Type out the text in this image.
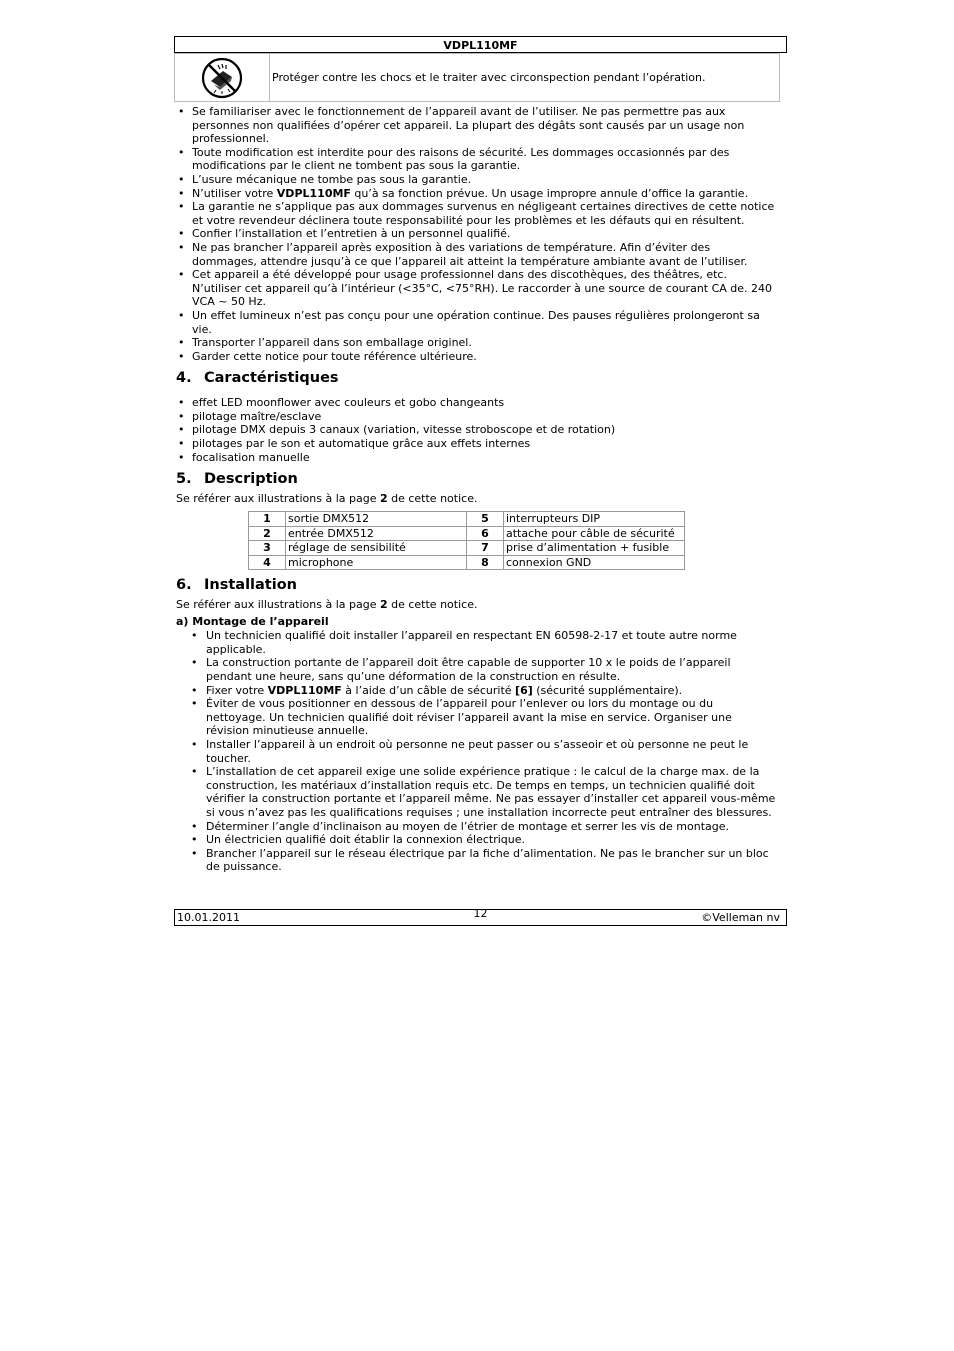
VDPL110MF
Protéger contre les chocs et le traiter avec circonspection pendant l’opération.
• Se familiariser avec le fonctionnement de l’appareil avant de l’utiliser. Ne pas permettre pas aux personnes non qualifiées d’opérer cet appareil. La plupart des dégâts sont causés par un usage non professionnel.
• Toute modification est interdite pour des raisons de sécurité. Les dommages occasionnés par des modifications par le client ne tombent pas sous la garantie.
• L’usure mécanique ne tombe pas sous la garantie.
• N’utiliser votre VDPL110MF qu’à sa fonction prévue. Un usage impropre annule d’office la garantie.
• La garantie ne s’applique pas aux dommages survenus en négligeant certaines directives de cette notice et votre revendeur déclinera toute responsabilité pour les problèmes et les défauts qui en résultent.
• Confier l’installation et l’entretien à un personnel qualifié.
• Ne pas brancher l’appareil après exposition à des variations de température. Afin d’éviter des dommages, attendre jusqu’à ce que l’appareil ait atteint la température ambiante avant de l’utiliser.
• Cet appareil a été développé pour usage professionnel dans des discothèques, des théâtres, etc. N’utiliser cet appareil qu’à l’intérieur (<35°C, <75°RH). Le raccorder à une source de courant CA de. 240 VCA ~ 50 Hz.
• Un effet lumineux n’est pas conçu pour une opération continue. Des pauses régulières prolongeront sa vie.
• Transporter l’appareil dans son emballage originel.
• Garder cette notice pour toute référence ultérieure.
4. Caractéristiques
• effet LED moonflower avec couleurs et gobo changeants
• pilotage maître/esclave
• pilotage DMX depuis 3 canaux (variation, vitesse stroboscope et de rotation)
• pilotages par le son et automatique grâce aux effets internes
• focalisation manuelle
5. Description

Se référer aux illustrations à la page 2 de cette notice.

1	sortie DMX512	5	interrupteurs DIP
2	entrée DMX512	6	attache pour câble de sécurité
3	réglage de sensibilité	7	prise d’alimentation + fusible
4	microphone	8	connexion GND
6. Installation

Se référer aux illustrations à la page 2 de cette notice.

a) Montage de l’appareil
• Un technicien qualifié doit installer l’appareil en respectant EN 60598-2-17 et toute autre norme applicable.
• La construction portante de l’appareil doit être capable de supporter 10 x le poids de l’appareil pendant une heure, sans qu’une déformation de la construction en résulte.
• Fixer votre VDPL110MF à l’aide d’un câble de sécurité [6] (sécurité supplémentaire).
• Éviter de vous positionner en dessous de l’appareil pour l’enlever ou lors du montage ou du nettoyage. Un technicien qualifié doit réviser l’appareil avant la mise en service. Organiser une révision minutieuse annuelle.
• Installer l’appareil à un endroit où personne ne peut passer ou s’asseoir et où personne ne peut le toucher.
• L’installation de cet appareil exige une solide expérience pratique : le calcul de la charge max. de la construction, les matériaux d’installation requis etc. De temps en temps, un technicien qualifié doit vérifier la construction portante et l’appareil même. Ne pas essayer d’installer cet appareil vous-même si vous n’avez pas les qualifications requises ; une installation incorrecte peut entraîner des blessures.
• Déterminer l’angle d’inclinaison au moyen de l’étrier de montage et serrer les vis de montage.
• Un électricien qualifié doit établir la connexion électrique.
• Brancher l’appareil sur le réseau électrique par la fiche d’alimentation. Ne pas le brancher sur un bloc de puissance.
10.01.2011	12	©Velleman nv
